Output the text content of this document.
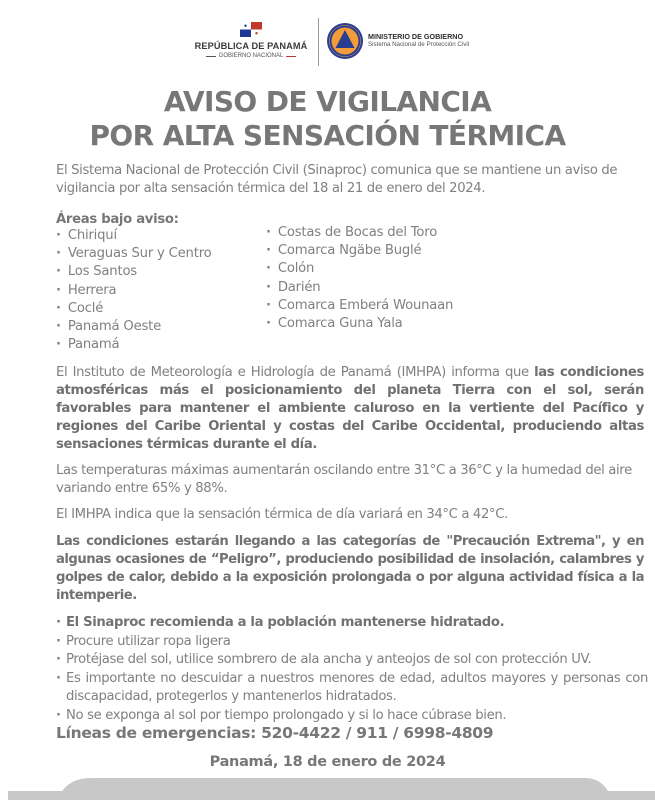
REPÚBLICA DE PANAMÁ
GOBIERNO NACIONAL
MINISTERIO DE GOBIERNO
Sistema Nacional de Protección Civil
AVISO DE VIGILANCIA
POR ALTA SENSACIÓN TÉRMICA
El Sistema Nacional de Protección Civil (Sinaproc) comunica que se mantiene un aviso de vigilancia por alta sensación térmica del 18 al 21 de enero del 2024.
Áreas bajo aviso:
· Chiriquí
· Veraguas Sur y Centro
· Los Santos
· Herrera
· Coclé
· Panamá Oeste
· Panamá
· Costas de Bocas del Toro
· Comarca Ngäbe Buglé
· Colón
· Darién
· Comarca Emberá Wounaan
· Comarca Guna Yala
El Instituto de Meteorología e Hidrología de Panamá (IMHPA) informa que las condiciones atmosféricas más el posicionamiento del planeta Tierra con el sol, serán favorables para mantener el ambiente caluroso en la vertiente del Pacífico y regiones del Caribe Oriental y costas del Caribe Occidental, produciendo altas sensaciones térmicas durante el día.
Las temperaturas máximas aumentarán oscilando entre 31°C a 36°C y la humedad del aire variando entre 65% y 88%.
El IMHPA indica que la sensación térmica de día variará en 34°C a 42°C.
Las condiciones estarán llegando a las categorías de "Precaución Extrema", y en algunas ocasiones de “Peligro”, produciendo posibilidad de insolación, calambres y golpes de calor, debido a la exposición prolongada o por alguna actividad física a la intemperie.
· El Sinaproc recomienda a la población mantenerse hidratado.
· Procure utilizar ropa ligera
· Protéjase del sol, utilice sombrero de ala ancha y anteojos de sol con protección UV.
· Es importante no descuidar a nuestros menores de edad, adultos mayores y personas con discapacidad, protegerlos y mantenerlos hidratados.
· No se exponga al sol por tiempo prolongado y si lo hace cúbrase bien.
Líneas de emergencias: 520-4422 / 911 / 6998-4809
Panamá, 18 de enero de 2024
